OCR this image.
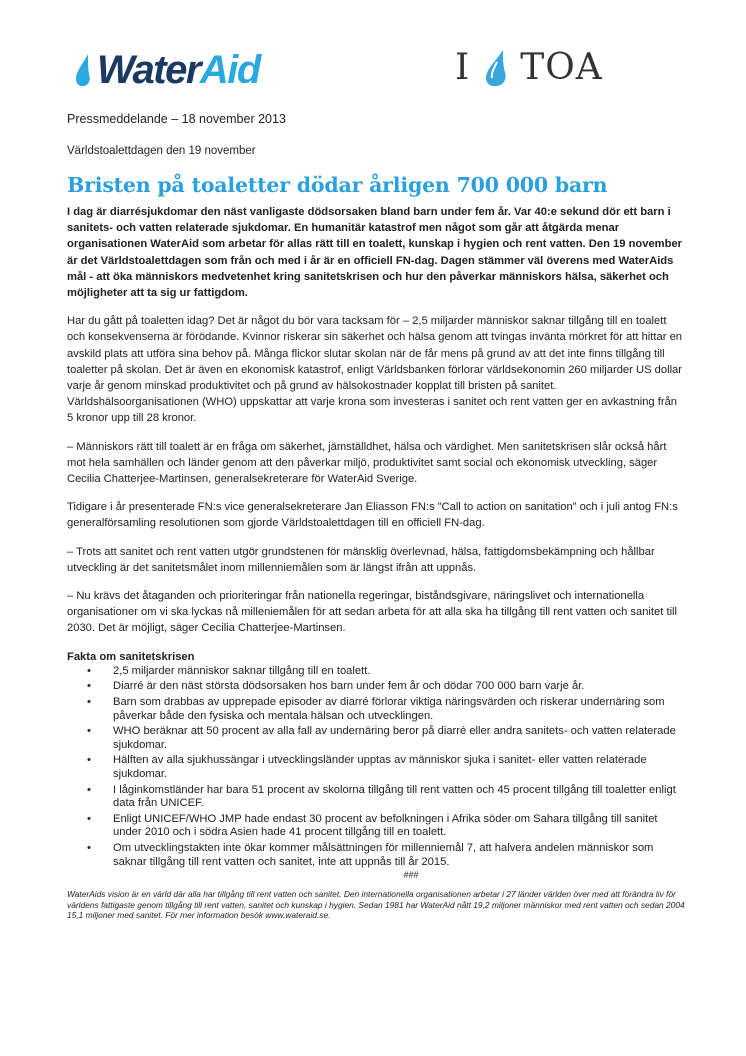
WaterAid	I TOA
Pressmeddelande – 18 november 2013
Världstoalettdagen den 19 november
Bristen på toaletter dödar årligen 700 000 barn

I dag är diarrésjukdomar den näst vanligaste dödsorsaken bland barn under fem år. Var 40:e sekund dör ett barn i sanitets- och vatten relaterade sjukdomar. En humanitär katastrof men något som går att åtgärda menar organisationen WaterAid som arbetar för allas rätt till en toalett, kunskap i hygien och rent vatten. Den 19 november är det Världstoalettdagen som från och med i år är en officiell FN-dag. Dagen stämmer väl överens med WaterAids mål - att öka människors medvetenhet kring sanitetskrisen och hur den påverkar människors hälsa, säkerhet och möjligheter att ta sig ur fattigdom.

Har du gått på toaletten idag? Det är något du bör vara tacksam för – 2,5 miljarder människor saknar tillgång till en toalett och konsekvenserna är förödande. Kvinnor riskerar sin säkerhet och hälsa genom att tvingas invänta mörkret för att hittar en avskild plats att utföra sina behov på. Många flickor slutar skolan när de får mens på grund av att det inte finns tillgång till toaletter på skolan. Det är även en ekonomisk katastrof, enligt Världsbanken förlorar världsekonomin 260 miljarder US dollar varje år genom minskad produktivitet och på grund av hälsokostnader kopplat till bristen på sanitet. Världshälsoorganisationen (WHO) uppskattar att varje krona som investeras i sanitet och rent vatten ger en avkastning från 5 kronor upp till 28 kronor.

– Människors rätt till toalett är en fråga om säkerhet, jämställdhet, hälsa och värdighet. Men sanitetskrisen slår också hårt mot hela samhällen och länder genom att den påverkar miljö, produktivitet samt social och ekonomisk utveckling, säger Cecilia Chatterjee-Martinsen, generalsekreterare för WaterAid Sverige.

Tidigare i år presenterade FN:s vice generalsekreterare Jan Eliasson FN:s ”Call to action on sanitation” och i juli antog FN:s generalförsamling resolutionen som gjorde Världstoalettdagen till en officiell FN-dag.

– Trots att sanitet och rent vatten utgör grundstenen för mänsklig överlevnad, hälsa, fattigdomsbekämpning och hållbar utveckling är det sanitetsmålet inom millenniemålen som är längst ifrån att uppnås.

– Nu krävs det åtaganden och prioriteringar från nationella regeringar, biståndsgivare, näringslivet och internationella organisationer om vi ska lyckas nå milleniemålen för att sedan arbeta för att alla ska ha tillgång till rent vatten och sanitet till 2030. Det är möjligt, säger Cecilia Chatterjee-Martinsen.

Fakta om sanitetskrisen

• 2,5 miljarder människor saknar tillgång till en toalett.
• Diarré är den näst största dödsorsaken hos barn under fem år och dödar 700 000 barn varje år.
• Barn som drabbas av upprepade episoder av diarré förlorar viktiga näringsvärden och riskerar undernäring som påverkar både den fysiska och mentala hälsan och utvecklingen.
• WHO beräknar att 50 procent av alla fall av undernäring beror på diarré eller andra sanitets- och vatten relaterade sjukdomar.
• Hälften av alla sjukhussängar i utvecklingsländer upptas av människor sjuka i sanitet- eller vatten relaterade sjukdomar.
• I låginkomstländer har bara 51 procent av skolorna tillgång till rent vatten och 45 procent tillgång till toaletter enligt data från UNICEF.
• Enligt UNICEF/WHO JMP hade endast 30 procent av befolkningen i Afrika söder om Sahara tillgång till sanitet under 2010 och i södra Asien hade 41 procent tillgång till en toalett.
• Om utvecklingstakten inte ökar kommer målsättningen för millenniemål 7, att halvera andelen människor som saknar tillgång till rent vatten och sanitet, inte att uppnås till år 2015.
###

WaterAids vision är en värld där alla har tillgång till rent vatten och sanitet. Den internationella organisationen arbetar i 27 länder världen över med att förändra liv för världens fattigaste genom tillgång till rent vatten, sanitet och kunskap i hygien. Sedan 1981 har WaterAid nått 19,2 miljoner människor med rent vatten och sedan 2004 15,1 miljoner med sanitet. För mer information besök www.wateraid.se.
